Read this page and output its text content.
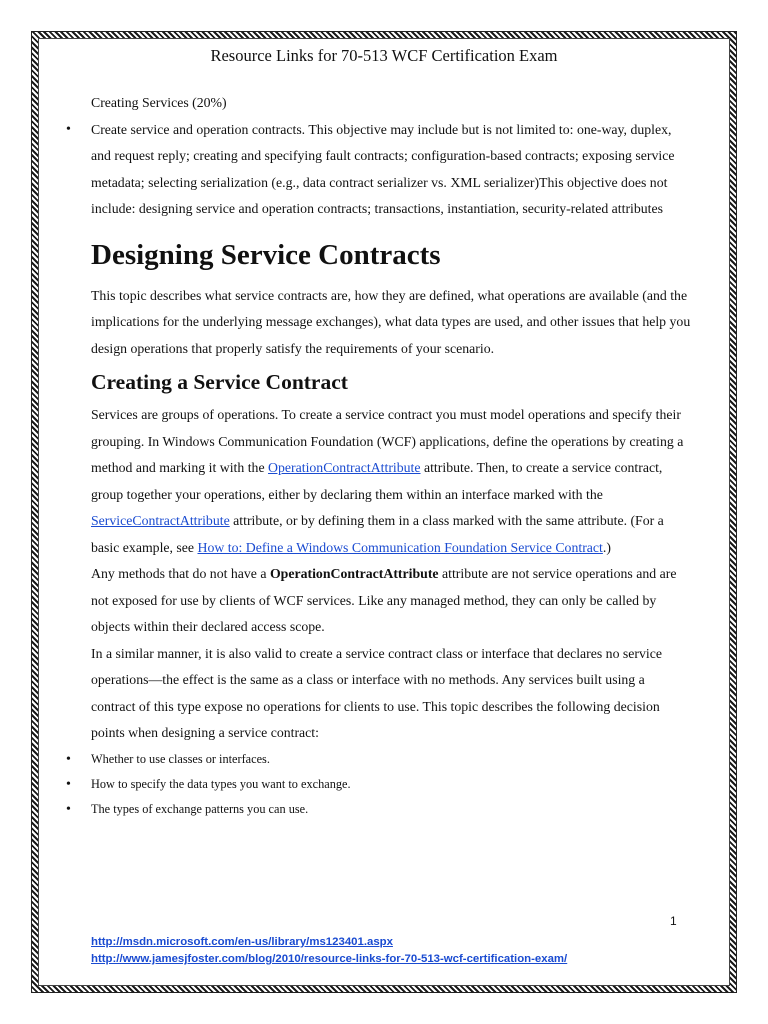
Resource Links for 70-513 WCF Certification Exam

Creating Services (20%)

• Create service and operation contracts. This objective may include but is not limited to: one-way, duplex, and request reply; creating and specifying fault contracts; configuration-based contracts; exposing service metadata; selecting serialization (e.g., data contract serializer vs. XML serializer)This objective does not include: designing service and operation contracts; transactions, instantiation, security-related attributes
Designing Service Contracts

This topic describes what service contracts are, how they are defined, what operations are available (and the implications for the underlying message exchanges), what data types are used, and other issues that help you design operations that properly satisfy the requirements of your scenario.

Creating a Service Contract

Services are groups of operations. To create a service contract you must model operations and specify their grouping. In Windows Communication Foundation (WCF) applications, define the operations by creating a method and marking it with the OperationContractAttribute attribute. Then, to create a service contract, group together your operations, either by declaring them within an interface marked with the ServiceContractAttribute attribute, or by defining them in a class marked with the same attribute. (For a basic example, see How to: Define a Windows Communication Foundation Service Contract.)

Any methods that do not have a OperationContractAttribute attribute are not service operations and are not exposed for use by clients of WCF services. Like any managed method, they can only be called by objects within their declared access scope.

In a similar manner, it is also valid to create a service contract class or interface that declares no service operations—the effect is the same as a class or interface with no methods. Any services built using a contract of this type expose no operations for clients to use. This topic describes the following decision points when designing a service contract:

• Whether to use classes or interfaces.
• How to specify the data types you want to exchange.
• The types of exchange patterns you can use.
1
http://msdn.microsoft.com/en-us/library/ms123401.aspx
http://www.jamesjfoster.com/blog/2010/resource-links-for-70-513-wcf-certification-exam/
